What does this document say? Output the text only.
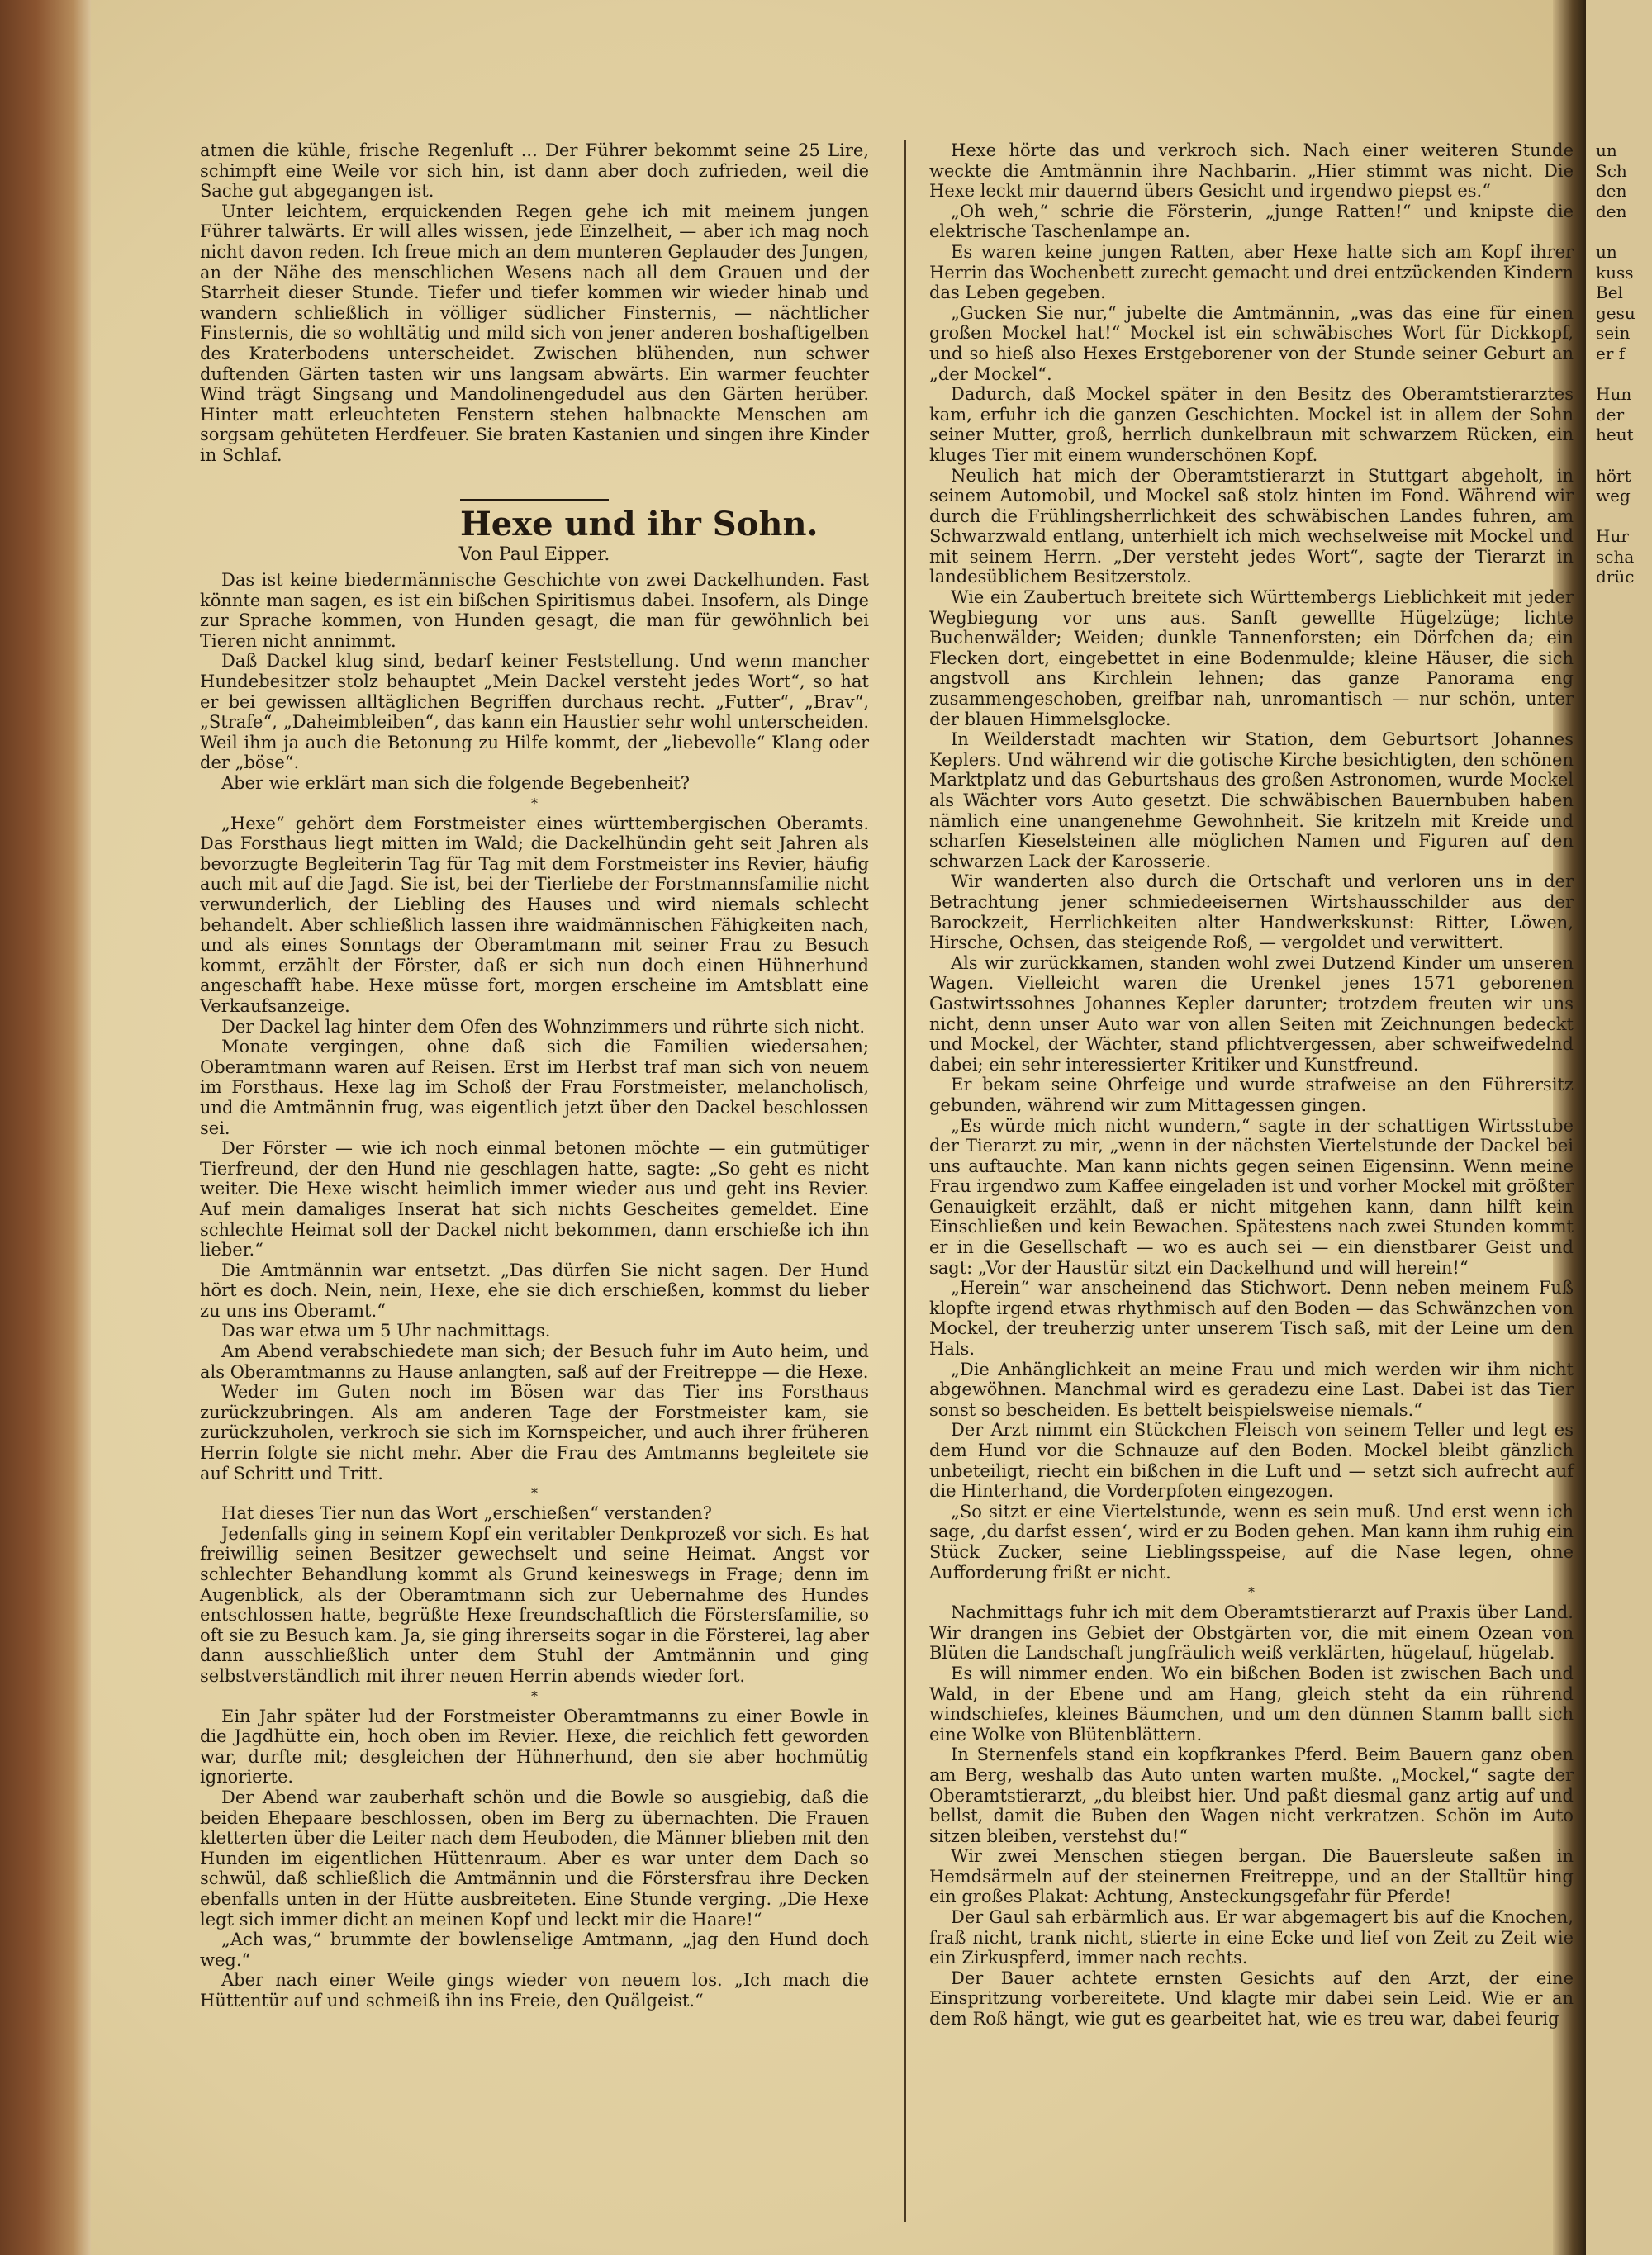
atmen die kühle, frische Regenluft ... Der Führer bekommt seine 25 Lire, schimpft eine Weile vor sich hin, ist dann aber doch zufrieden, weil die Sache gut abgegangen ist.

Unter leichtem, erquickenden Regen gehe ich mit meinem jungen Führer talwärts. Er will alles wissen, jede Einzelheit, — aber ich mag noch nicht davon reden. Ich freue mich an dem munteren Geplauder des Jungen, an der Nähe des menschlichen Wesens nach all dem Grauen und der Starrheit dieser Stunde. Tiefer und tiefer kommen wir wieder hinab und wandern schließlich in völliger südlicher Finsternis, — nächtlicher Finsternis, die so wohltätig und mild sich von jener anderen boshaftigelben des Kraterbodens unterscheidet. Zwischen blühenden, nun schwer duftenden Gärten tasten wir uns langsam abwärts. Ein warmer feuchter Wind trägt Singsang und Mandolinengedudel aus den Gärten herüber. Hinter matt erleuchteten Fenstern stehen halbnackte Menschen am sorgsam gehüteten Herdfeuer. Sie braten Kastanien und singen ihre Kinder in Schlaf.

Hexe und ihr Sohn.
Von Paul Eipper.

Das ist keine biedermännische Geschichte von zwei Dackelhunden. Fast könnte man sagen, es ist ein bißchen Spiritismus dabei. Insofern, als Dinge zur Sprache kommen, von Hunden gesagt, die man für gewöhnlich bei Tieren nicht annimmt.

Daß Dackel klug sind, bedarf keiner Feststellung. Und wenn mancher Hundebesitzer stolz behauptet „Mein Dackel versteht jedes Wort“, so hat er bei gewissen alltäglichen Begriffen durchaus recht. „Futter“, „Brav“, „Strafe“, „Daheimbleiben“, das kann ein Haustier sehr wohl unterscheiden. Weil ihm ja auch die Betonung zu Hilfe kommt, der „liebevolle“ Klang oder der „böse“.

Aber wie erklärt man sich die folgende Begebenheit?

*

„Hexe“ gehört dem Forstmeister eines württembergischen Oberamts. Das Forsthaus liegt mitten im Wald; die Dackelhündin geht seit Jahren als bevorzugte Begleiterin Tag für Tag mit dem Forstmeister ins Revier, häufig auch mit auf die Jagd. Sie ist, bei der Tierliebe der Forstmannsfamilie nicht verwunderlich, der Liebling des Hauses und wird niemals schlecht behandelt. Aber schließlich lassen ihre waidmännischen Fähigkeiten nach, und als eines Sonntags der Oberamtmann mit seiner Frau zu Besuch kommt, erzählt der Förster, daß er sich nun doch einen Hühnerhund angeschafft habe. Hexe müsse fort, morgen erscheine im Amtsblatt eine Verkaufsanzeige.

Der Dackel lag hinter dem Ofen des Wohnzimmers und rührte sich nicht.

Monate vergingen, ohne daß sich die Familien wiedersahen; Oberamtmann waren auf Reisen. Erst im Herbst traf man sich von neuem im Forsthaus. Hexe lag im Schoß der Frau Forstmeister, melancholisch, und die Amtmännin frug, was eigentlich jetzt über den Dackel beschlossen sei.

Der Förster — wie ich noch einmal betonen möchte — ein gutmütiger Tierfreund, der den Hund nie geschlagen hatte, sagte: „So geht es nicht weiter. Die Hexe wischt heimlich immer wieder aus und geht ins Revier. Auf mein damaliges Inserat hat sich nichts Gescheites gemeldet. Eine schlechte Heimat soll der Dackel nicht bekommen, dann erschieße ich ihn lieber.“

Die Amtmännin war entsetzt. „Das dürfen Sie nicht sagen. Der Hund hört es doch. Nein, nein, Hexe, ehe sie dich erschießen, kommst du lieber zu uns ins Oberamt.“

Das war etwa um 5 Uhr nachmittags.

Am Abend verabschiedete man sich; der Besuch fuhr im Auto heim, und als Oberamtmanns zu Hause anlangten, saß auf der Freitreppe — die Hexe.

Weder im Guten noch im Bösen war das Tier ins Forsthaus zurückzubringen. Als am anderen Tage der Forstmeister kam, sie zurückzuholen, verkroch sie sich im Kornspeicher, und auch ihrer früheren Herrin folgte sie nicht mehr. Aber die Frau des Amtmanns begleitete sie auf Schritt und Tritt.

*

Hat dieses Tier nun das Wort „erschießen“ verstanden?

Jedenfalls ging in seinem Kopf ein veritabler Denkprozeß vor sich. Es hat freiwillig seinen Besitzer gewechselt und seine Heimat. Angst vor schlechter Behandlung kommt als Grund keineswegs in Frage; denn im Augenblick, als der Oberamtmann sich zur Uebernahme des Hundes entschlossen hatte, begrüßte Hexe freundschaftlich die Förstersfamilie, so oft sie zu Besuch kam. Ja, sie ging ihrerseits sogar in die Försterei, lag aber dann ausschließlich unter dem Stuhl der Amtmännin und ging selbstverständlich mit ihrer neuen Herrin abends wieder fort.

*

Ein Jahr später lud der Forstmeister Oberamtmanns zu einer Bowle in die Jagdhütte ein, hoch oben im Revier. Hexe, die reichlich fett geworden war, durfte mit; desgleichen der Hühnerhund, den sie aber hochmütig ignorierte.

Der Abend war zauberhaft schön und die Bowle so ausgiebig, daß die beiden Ehepaare beschlossen, oben im Berg zu übernachten. Die Frauen kletterten über die Leiter nach dem Heuboden, die Männer blieben mit den Hunden im eigentlichen Hüttenraum. Aber es war unter dem Dach so schwül, daß schließlich die Amtmännin und die Förstersfrau ihre Decken ebenfalls unten in der Hütte ausbreiteten. Eine Stunde verging. „Die Hexe legt sich immer dicht an meinen Kopf und leckt mir die Haare!“

„Ach was,“ brummte der bowlenselige Amtmann, „jag den Hund doch weg.“

Aber nach einer Weile gings wieder von neuem los. „Ich mach die Hüttentür auf und schmeiß ihn ins Freie, den Quälgeist.“

Hexe hörte das und verkroch sich. Nach einer weiteren Stunde weckte die Amtmännin ihre Nachbarin. „Hier stimmt was nicht. Die Hexe leckt mir dauernd übers Gesicht und irgendwo piepst es.“

„Oh weh,“ schrie die Försterin, „junge Ratten!“ und knipste die elektrische Taschenlampe an.

Es waren keine jungen Ratten, aber Hexe hatte sich am Kopf ihrer Herrin das Wochenbett zurecht gemacht und drei entzückenden Kindern das Leben gegeben.

„Gucken Sie nur,“ jubelte die Amtmännin, „was das eine für einen großen Mockel hat!“ Mockel ist ein schwäbisches Wort für Dickkopf, und so hieß also Hexes Erstgeborener von der Stunde seiner Geburt an „der Mockel“.

Dadurch, daß Mockel später in den Besitz des Oberamtstierarztes kam, erfuhr ich die ganzen Geschichten. Mockel ist in allem der Sohn seiner Mutter, groß, herrlich dunkelbraun mit schwarzem Rücken, ein kluges Tier mit einem wunderschönen Kopf.

Neulich hat mich der Oberamtstierarzt in Stuttgart abgeholt, in seinem Automobil, und Mockel saß stolz hinten im Fond. Während wir durch die Frühlingsherrlichkeit des schwäbischen Landes fuhren, am Schwarzwald entlang, unterhielt ich mich wechselweise mit Mockel und mit seinem Herrn. „Der versteht jedes Wort“, sagte der Tierarzt in landesüblichem Besitzerstolz.

Wie ein Zaubertuch breitete sich Württembergs Lieblichkeit mit jeder Wegbiegung vor uns aus. Sanft gewellte Hügelzüge; lichte Buchenwälder; Weiden; dunkle Tannenforsten; ein Dörfchen da; ein Flecken dort, eingebettet in eine Bodenmulde; kleine Häuser, die sich angstvoll ans Kirchlein lehnen; das ganze Panorama eng zusammengeschoben, greifbar nah, unromantisch — nur schön, unter der blauen Himmelsglocke.

In Weilderstadt machten wir Station, dem Geburtsort Johannes Keplers. Und während wir die gotische Kirche besichtigten, den schönen Marktplatz und das Geburtshaus des großen Astronomen, wurde Mockel als Wächter vors Auto gesetzt. Die schwäbischen Bauernbuben haben nämlich eine unangenehme Gewohnheit. Sie kritzeln mit Kreide und scharfen Kieselsteinen alle möglichen Namen und Figuren auf den schwarzen Lack der Karosserie.

Wir wanderten also durch die Ortschaft und verloren uns in der Betrachtung jener schmiedeeisernen Wirtshausschilder aus der Barockzeit, Herrlichkeiten alter Handwerkskunst: Ritter, Löwen, Hirsche, Ochsen, das steigende Roß, — vergoldet und verwittert.

Als wir zurückkamen, standen wohl zwei Dutzend Kinder um unseren Wagen. Vielleicht waren die Urenkel jenes 1571 geborenen Gastwirtssohnes Johannes Kepler darunter; trotzdem freuten wir uns nicht, denn unser Auto war von allen Seiten mit Zeichnungen bedeckt und Mockel, der Wächter, stand pflichtvergessen, aber schweifwedelnd dabei; ein sehr interessierter Kritiker und Kunstfreund.

Er bekam seine Ohrfeige und wurde strafweise an den Führersitz gebunden, während wir zum Mittagessen gingen.

„Es würde mich nicht wundern,“ sagte in der schattigen Wirtsstube der Tierarzt zu mir, „wenn in der nächsten Viertelstunde der Dackel bei uns auftauchte. Man kann nichts gegen seinen Eigensinn. Wenn meine Frau irgendwo zum Kaffee eingeladen ist und vorher Mockel mit größter Genauigkeit erzählt, daß er nicht mitgehen kann, dann hilft kein Einschließen und kein Bewachen. Spätestens nach zwei Stunden kommt er in die Gesellschaft — wo es auch sei — ein dienstbarer Geist und sagt: „Vor der Haustür sitzt ein Dackelhund und will herein!“

„Herein“ war anscheinend das Stichwort. Denn neben meinem Fuß klopfte irgend etwas rhythmisch auf den Boden — das Schwänzchen von Mockel, der treuherzig unter unserem Tisch saß, mit der Leine um den Hals.

„Die Anhänglichkeit an meine Frau und mich werden wir ihm nicht abgewöhnen. Manchmal wird es geradezu eine Last. Dabei ist das Tier sonst so bescheiden. Es bettelt beispielsweise niemals.“

Der Arzt nimmt ein Stückchen Fleisch von seinem Teller und legt es dem Hund vor die Schnauze auf den Boden. Mockel bleibt gänzlich unbeteiligt, riecht ein bißchen in die Luft und — setzt sich aufrecht auf die Hinterhand, die Vorderpfoten eingezogen.

„So sitzt er eine Viertelstunde, wenn es sein muß. Und erst wenn ich sage, ‚du darfst essen‘, wird er zu Boden gehen. Man kann ihm ruhig ein Stück Zucker, seine Lieblingsspeise, auf die Nase legen, ohne Aufforderung frißt er nicht.

*

Nachmittags fuhr ich mit dem Oberamtstierarzt auf Praxis über Land. Wir drangen ins Gebiet der Obstgärten vor, die mit einem Ozean von Blüten die Landschaft jungfräulich weiß verklärten, hügelauf, hügelab.

Es will nimmer enden. Wo ein bißchen Boden ist zwischen Bach und Wald, in der Ebene und am Hang, gleich steht da ein rührend windschiefes, kleines Bäumchen, und um den dünnen Stamm ballt sich eine Wolke von Blütenblättern.

In Sternenfels stand ein kopfkrankes Pferd. Beim Bauern ganz oben am Berg, weshalb das Auto unten warten mußte. „Mockel,“ sagte der Oberamtstierarzt, „du bleibst hier. Und paßt diesmal ganz artig auf und bellst, damit die Buben den Wagen nicht verkratzen. Schön im Auto sitzen bleiben, verstehst du!“

Wir zwei Menschen stiegen bergan. Die Bauersleute saßen in Hemdsärmeln auf der steinernen Freitreppe, und an der Stalltür hing ein großes Plakat: Achtung, Ansteckungsgefahr für Pferde!

Der Gaul sah erbärmlich aus. Er war abgemagert bis auf die Knochen, fraß nicht, trank nicht, stierte in eine Ecke und lief von Zeit zu Zeit wie ein Zirkuspferd, immer nach rechts.

Der Bauer achtete ernsten Gesichts auf den Arzt, der eine Einspritzung vorbereitete. Und klagte mir dabei sein Leid. Wie er an dem Roß hängt, wie gut es gearbeitet hat, wie es treu war, dabei feurig

un
Sch
den
den

un
kuss
Bel
gesu
sein
er f

Hun
der
heut

hört
weg

Hur
scha
drüc
